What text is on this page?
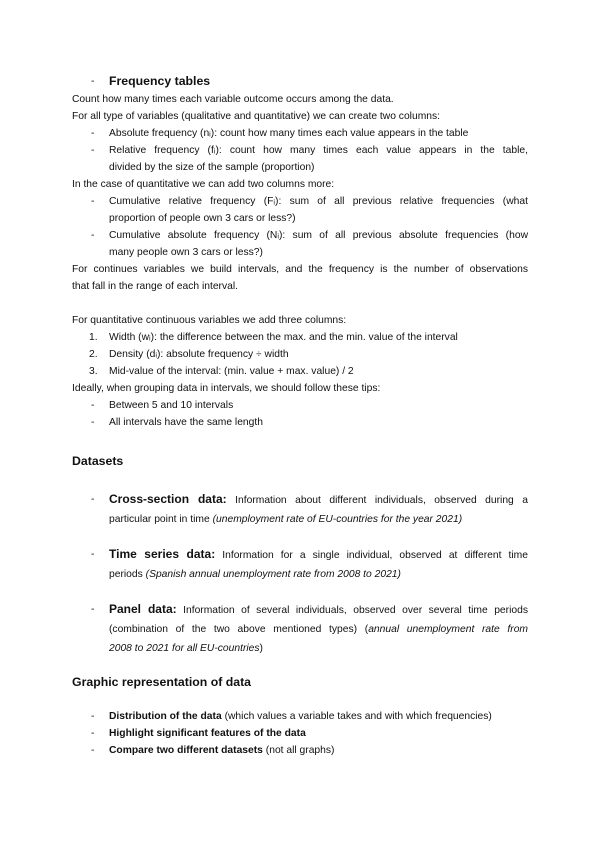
- Frequency tables

Count how many times each variable outcome occurs among the data.

For all type of variables (qualitative and quantitative) we can create two columns:

- Absolute frequency (nᵢ): count how many times each value appears in the table
- Relative frequency (fᵢ): count how many times each value appears in the table,
divided by the size of the sample (proportion)

In the case of quantitative we can add two columns more:

- Cumulative relative frequency (Fᵢ): sum of all previous relative frequencies (what
proportion of people own 3 cars or less?)
- Cumulative absolute frequency (Nᵢ): sum of all previous absolute frequencies (how
many people own 3 cars or less?)
For continues variables we build intervals, and the frequency is the number of observations
that fall in the range of each interval.

For quantitative continuous variables we add three columns:

1. Width (wᵢ): the difference between the max. and the min. value of the interval
2. Density (dᵢ): absolute frequency ÷ width
3. Mid-value of the interval: (min. value + max. value) / 2

Ideally, when grouping data in intervals, we should follow these tips:

- Between 5 and 10 intervals
- All intervals have the same length

Datasets

- Cross-section data: Information about different individuals, observed during a
particular point in time (unemployment rate of EU-countries for the year 2021)
- Time series data: Information for a single individual, observed at different time
periods (Spanish annual unemployment rate from 2008 to 2021)
- Panel data: Information of several individuals, observed over several time periods
(combination of the two above mentioned types) (annual unemployment rate from
2008 to 2021 for all EU-countries)

Graphic representation of data

- Distribution of the data (which values a variable takes and with which frequencies)
- Highlight significant features of the data
- Compare two different datasets (not all graphs)
